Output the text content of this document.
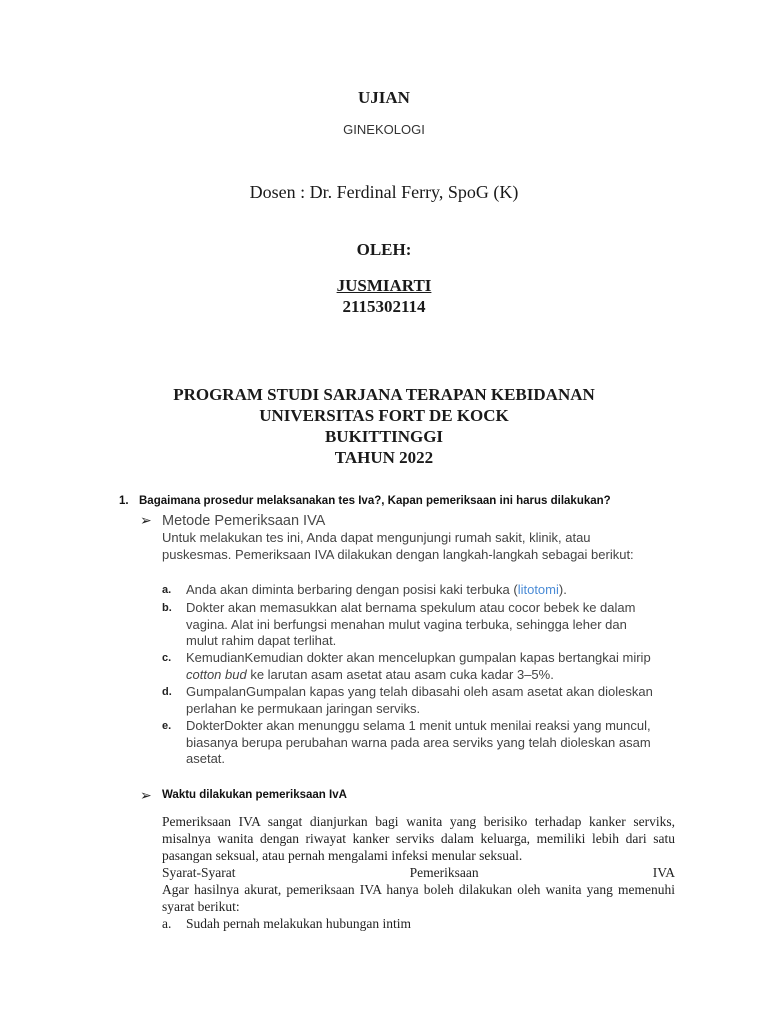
UJIAN
GINEKOLOGI
Dosen : Dr. Ferdinal Ferry, SpoG (K)
OLEH:
JUSMIARTI
2115302114
PROGRAM STUDI SARJANA TERAPAN KEBIDANAN
UNIVERSITAS FORT DE KOCK
BUKITTINGGI
TAHUN 2022
1. Bagaimana prosedur melaksanakan tes Iva?, Kapan pemeriksaan ini harus dilakukan?
➢ Metode Pemeriksaan IVA
Untuk melakukan tes ini, Anda dapat mengunjungi rumah sakit, klinik, atau puskesmas. Pemeriksaan IVA dilakukan dengan langkah-langkah sebagai berikut:
a. Anda akan diminta berbaring dengan posisi kaki terbuka (litotomi).
b. Dokter akan memasukkan alat bernama spekulum atau cocor bebek ke dalam vagina. Alat ini berfungsi menahan mulut vagina terbuka, sehingga leher dan mulut rahim dapat terlihat.
c. KemudianKemudian dokter akan mencelupkan gumpalan kapas bertangkai mirip cotton bud ke larutan asam asetat atau asam cuka kadar 3–5%.
d. GumpalanGumpalan kapas yang telah dibasahi oleh asam asetat akan dioleskan perlahan ke permukaan jaringan serviks.
e. DokterDokter akan menunggu selama 1 menit untuk menilai reaksi yang muncul, biasanya berupa perubahan warna pada area serviks yang telah dioleskan asam asetat.
➢ Waktu dilakukan pemeriksaan IvA
Pemeriksaan IVA sangat dianjurkan bagi wanita yang berisiko terhadap kanker serviks, misalnya wanita dengan riwayat kanker serviks dalam keluarga, memiliki lebih dari satu pasangan seksual, atau pernah mengalami infeksi menular seksual.
Syarat-Syarat	Pemeriksaan	IVA
Agar hasilnya akurat, pemeriksaan IVA hanya boleh dilakukan oleh wanita yang memenuhi syarat berikut:
a. Sudah pernah melakukan hubungan intim
